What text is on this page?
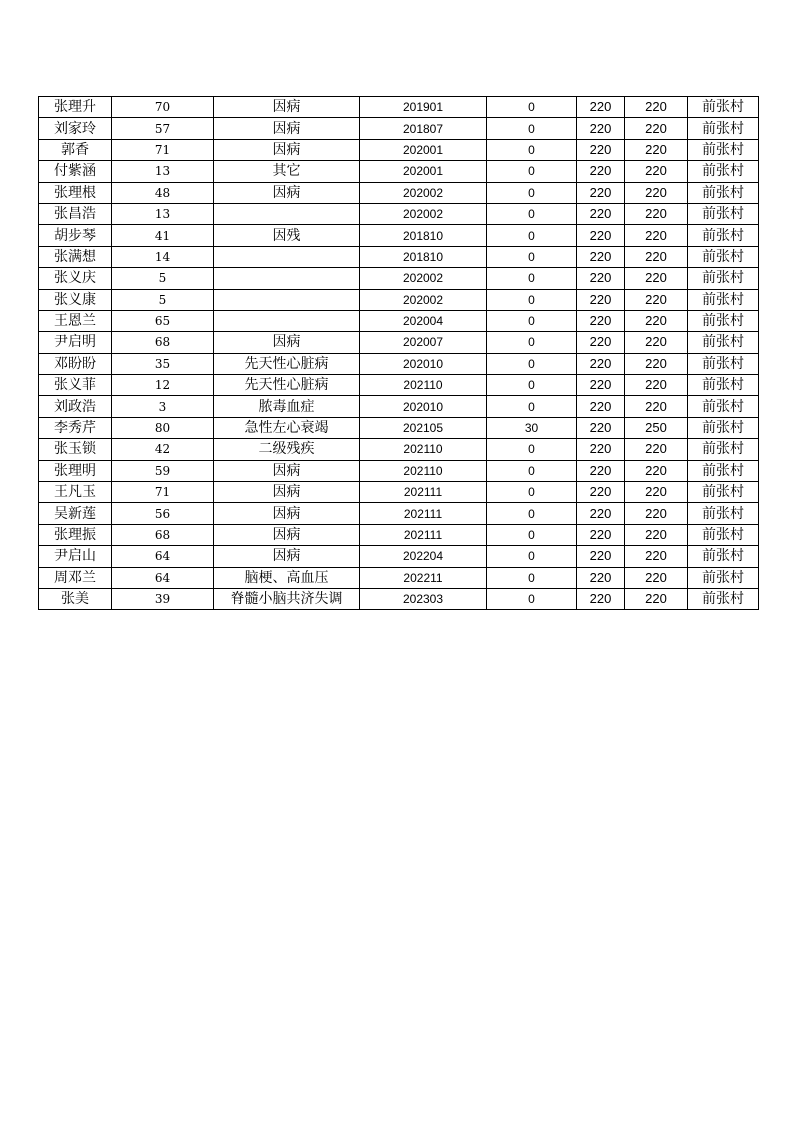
张理升	70	因病	201901	0	220	220	前张村
刘家玲	57	因病	201807	0	220	220	前张村
郭香	71	因病	202001	0	220	220	前张村
付紫涵	13	其它	202001	0	220	220	前张村
张理根	48	因病	202002	0	220	220	前张村
张昌浩	13		202002	0	220	220	前张村
胡步琴	41	因残	201810	0	220	220	前张村
张满想	14		201810	0	220	220	前张村
张义庆	5		202002	0	220	220	前张村
张义康	5		202002	0	220	220	前张村
王恩兰	65		202004	0	220	220	前张村
尹启明	68	因病	202007	0	220	220	前张村
邓盼盼	35	先天性心脏病	202010	0	220	220	前张村
张义菲	12	先天性心脏病	202110	0	220	220	前张村
刘政浩	3	脓毒血症	202010	0	220	220	前张村
李秀芹	80	急性左心衰竭	202105	30	220	250	前张村
张玉锁	42	二级残疾	202110	0	220	220	前张村
张理明	59	因病	202110	0	220	220	前张村
王凡玉	71	因病	202111	0	220	220	前张村
吴新莲	56	因病	202111	0	220	220	前张村
张理振	68	因病	202111	0	220	220	前张村
尹启山	64	因病	202204	0	220	220	前张村
周邓兰	64	脑梗、高血压	202211	0	220	220	前张村
张美	39	脊髓小脑共济失调	202303	0	220	220	前张村
